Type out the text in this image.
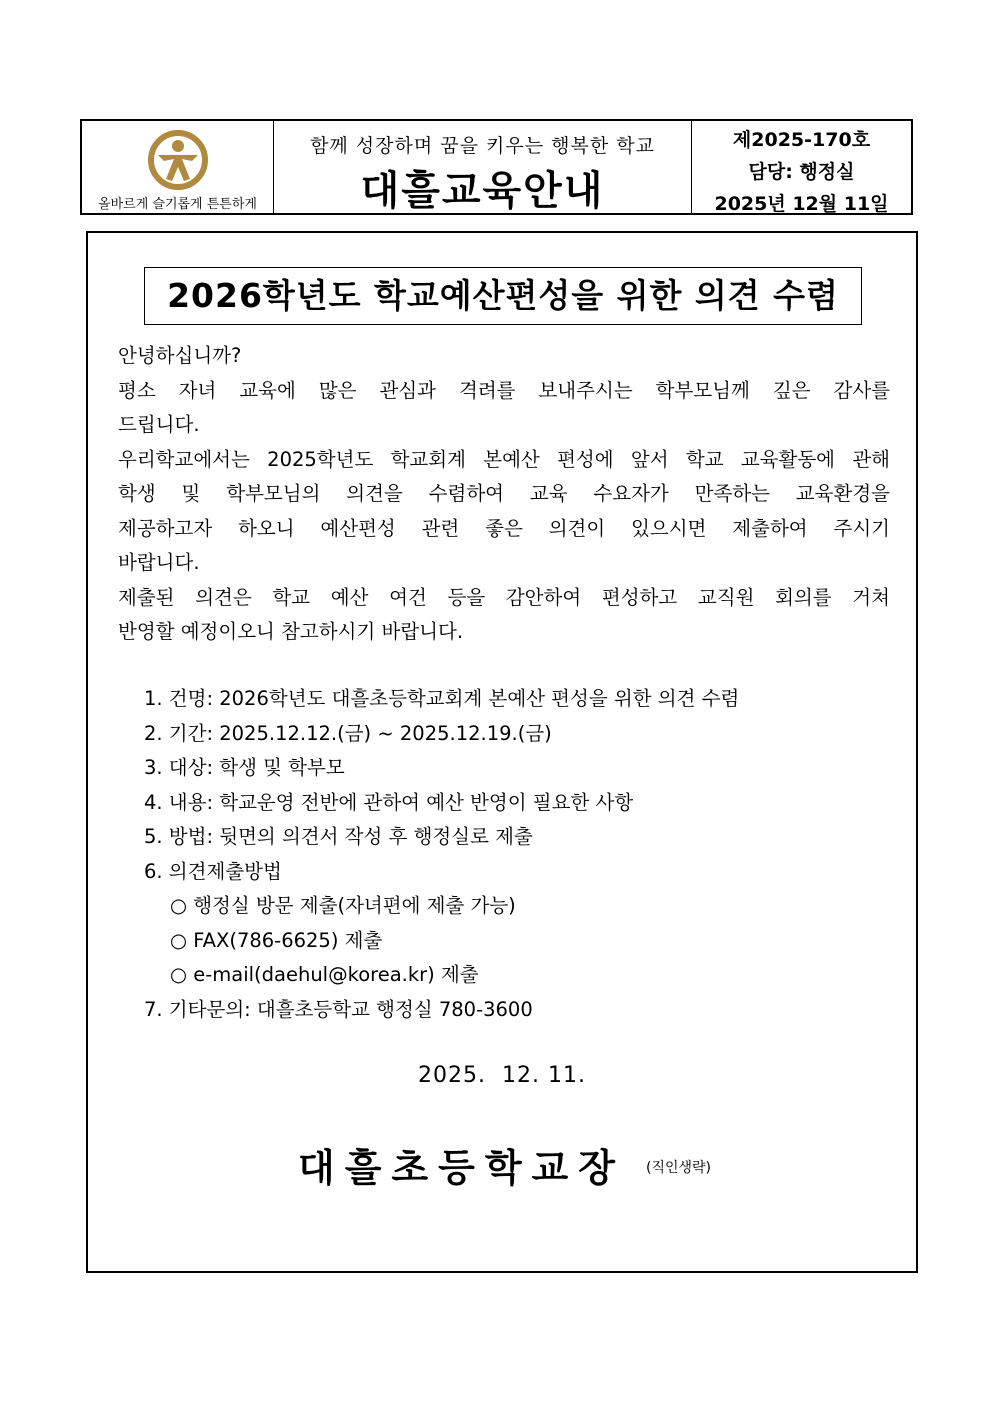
올바르게 슬기롭게 튼튼하게
함께 성장하며 꿈을 키우는 행복한 학교
대흘교육안내
제2025-170호
담당: 행정실
2025년 12월 11일
2026학년도 학교예산편성을 위한 의견 수렴

안녕하십니까?

평소 자녀 교육에 많은 관심과 격려를 보내주시는 학부모님께 깊은 감사를

드립니다.

우리학교에서는 2025학년도 학교회계 본예산 편성에 앞서 학교 교육활동에 관해

학생 및 학부모님의 의견을 수렴하여 교육 수요자가 만족하는 교육환경을

제공하고자 하오니 예산편성 관련 좋은 의견이 있으시면 제출하여 주시기

바랍니다.

제출된 의견은 학교 예산 여건 등을 감안하여 편성하고 교직원 회의를 거쳐

반영할 예정이오니 참고하시기 바랍니다.

1. 건명: 2026학년도 대흘초등학교회계 본예산 편성을 위한 의견 수렴
2. 기간: 2025.12.12.(금) ~ 2025.12.19.(금)
3. 대상: 학생 및 학부모
4. 내용: 학교운영 전반에 관하여 예산 반영이 필요한 사항
5. 방법: 뒷면의 의견서 작성 후 행정실로 제출
6. 의견제출방법
○ 행정실 방문 제출(자녀편에 제출 가능)
○ FAX(786-6625) 제출
○ e-mail(daehul@korea.kr) 제출
7. 기타문의: 대흘초등학교 행정실 780-3600
2025.  12. 11.
대흘초등학교장 (직인생략)
